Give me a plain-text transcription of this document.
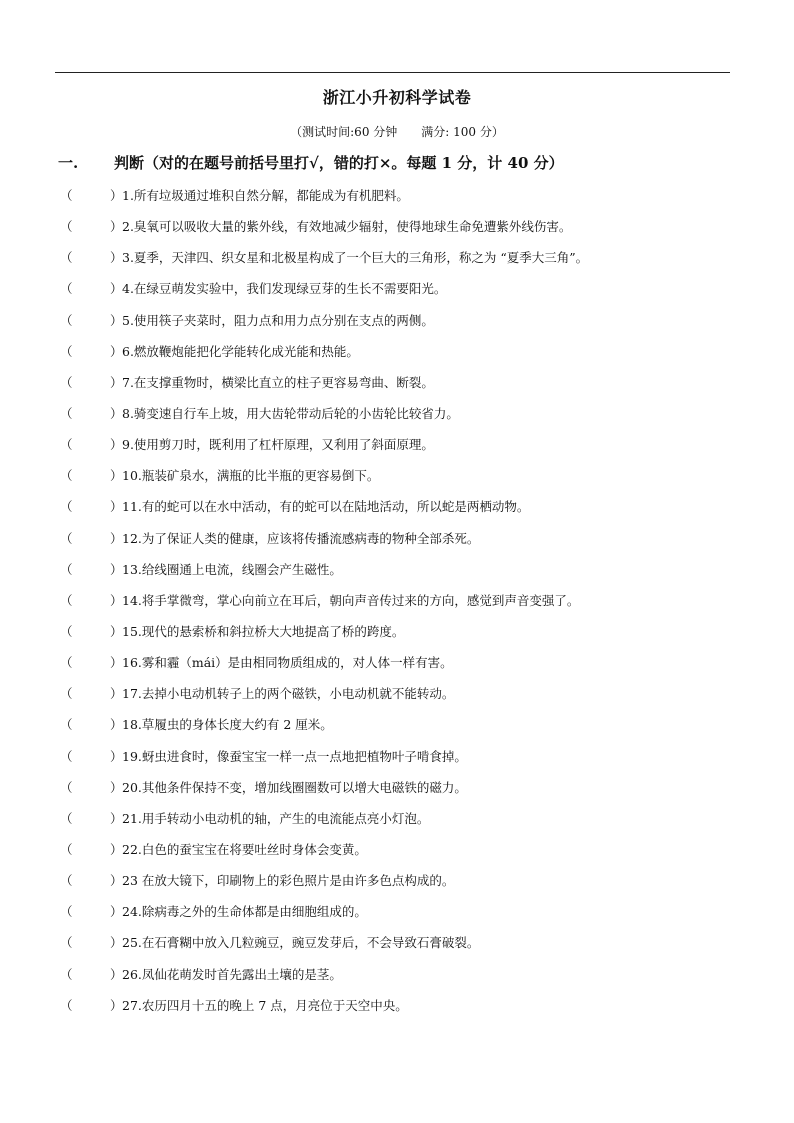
浙江小升初科学试卷
（测试时间:60 分钟　　满分: 100 分）
一. 判断（对的在题号前括号里打√，错的打×。每题 1 分，计 40 分）
（	） 1.所有垃圾通过堆积自然分解，都能成为有机肥料。
（	） 2.臭氧可以吸收大量的紫外线，有效地减少辐射，使得地球生命免遭紫外线伤害。
（	） 3.夏季，天津四、织女星和北极星构成了一个巨大的三角形，称之为 “夏季大三角”。
（	） 4.在绿豆萌发实验中，我们发现绿豆芽的生长不需要阳光。
（	） 5.使用筷子夹菜时，阻力点和用力点分别在支点的两侧。
（	） 6.燃放鞭炮能把化学能转化成光能和热能。
（	） 7.在支撑重物时，横梁比直立的柱子更容易弯曲、断裂。
（	） 8.骑变速自行车上坡，用大齿轮带动后轮的小齿轮比较省力。
（	） 9.使用剪刀时，既利用了杠杆原理，又利用了斜面原理。
（	） 10.瓶装矿泉水，满瓶的比半瓶的更容易倒下。
（	） 11.有的蛇可以在水中活动，有的蛇可以在陆地活动，所以蛇是两栖动物。
（	） 12.为了保证人类的健康，应该将传播流感病毒的物种全部杀死。
（	） 13.给线圈通上电流，线圈会产生磁性。
（	） 14.将手掌微弯，掌心向前立在耳后，朝向声音传过来的方向，感觉到声音变强了。
（	） 15.现代的悬索桥和斜拉桥大大地提高了桥的跨度。
（	） 16.雾和霾（mái）是由相同物质组成的，对人体一样有害。
（	） 17.去掉小电动机转子上的两个磁铁，小电动机就不能转动。
（	） 18.草履虫的身体长度大约有 2 厘米。
（	） 19.蚜虫进食时，像蚕宝宝一样一点一点地把植物叶子啃食掉。
（	） 20.其他条件保持不变，增加线圈圈数可以增大电磁铁的磁力。
（	） 21.用手转动小电动机的轴，产生的电流能点亮小灯泡。
（	） 22.白色的蚕宝宝在将要吐丝时身体会变黄。
（	） 23 在放大镜下，印刷物上的彩色照片是由许多色点构成的。
（	） 24.除病毒之外的生命体都是由细胞组成的。
（	） 25.在石膏糊中放入几粒豌豆，豌豆发芽后，不会导致石膏破裂。
（	） 26.凤仙花萌发时首先露出土壤的是茎。
（	） 27.农历四月十五的晚上 7 点，月亮位于天空中央。
